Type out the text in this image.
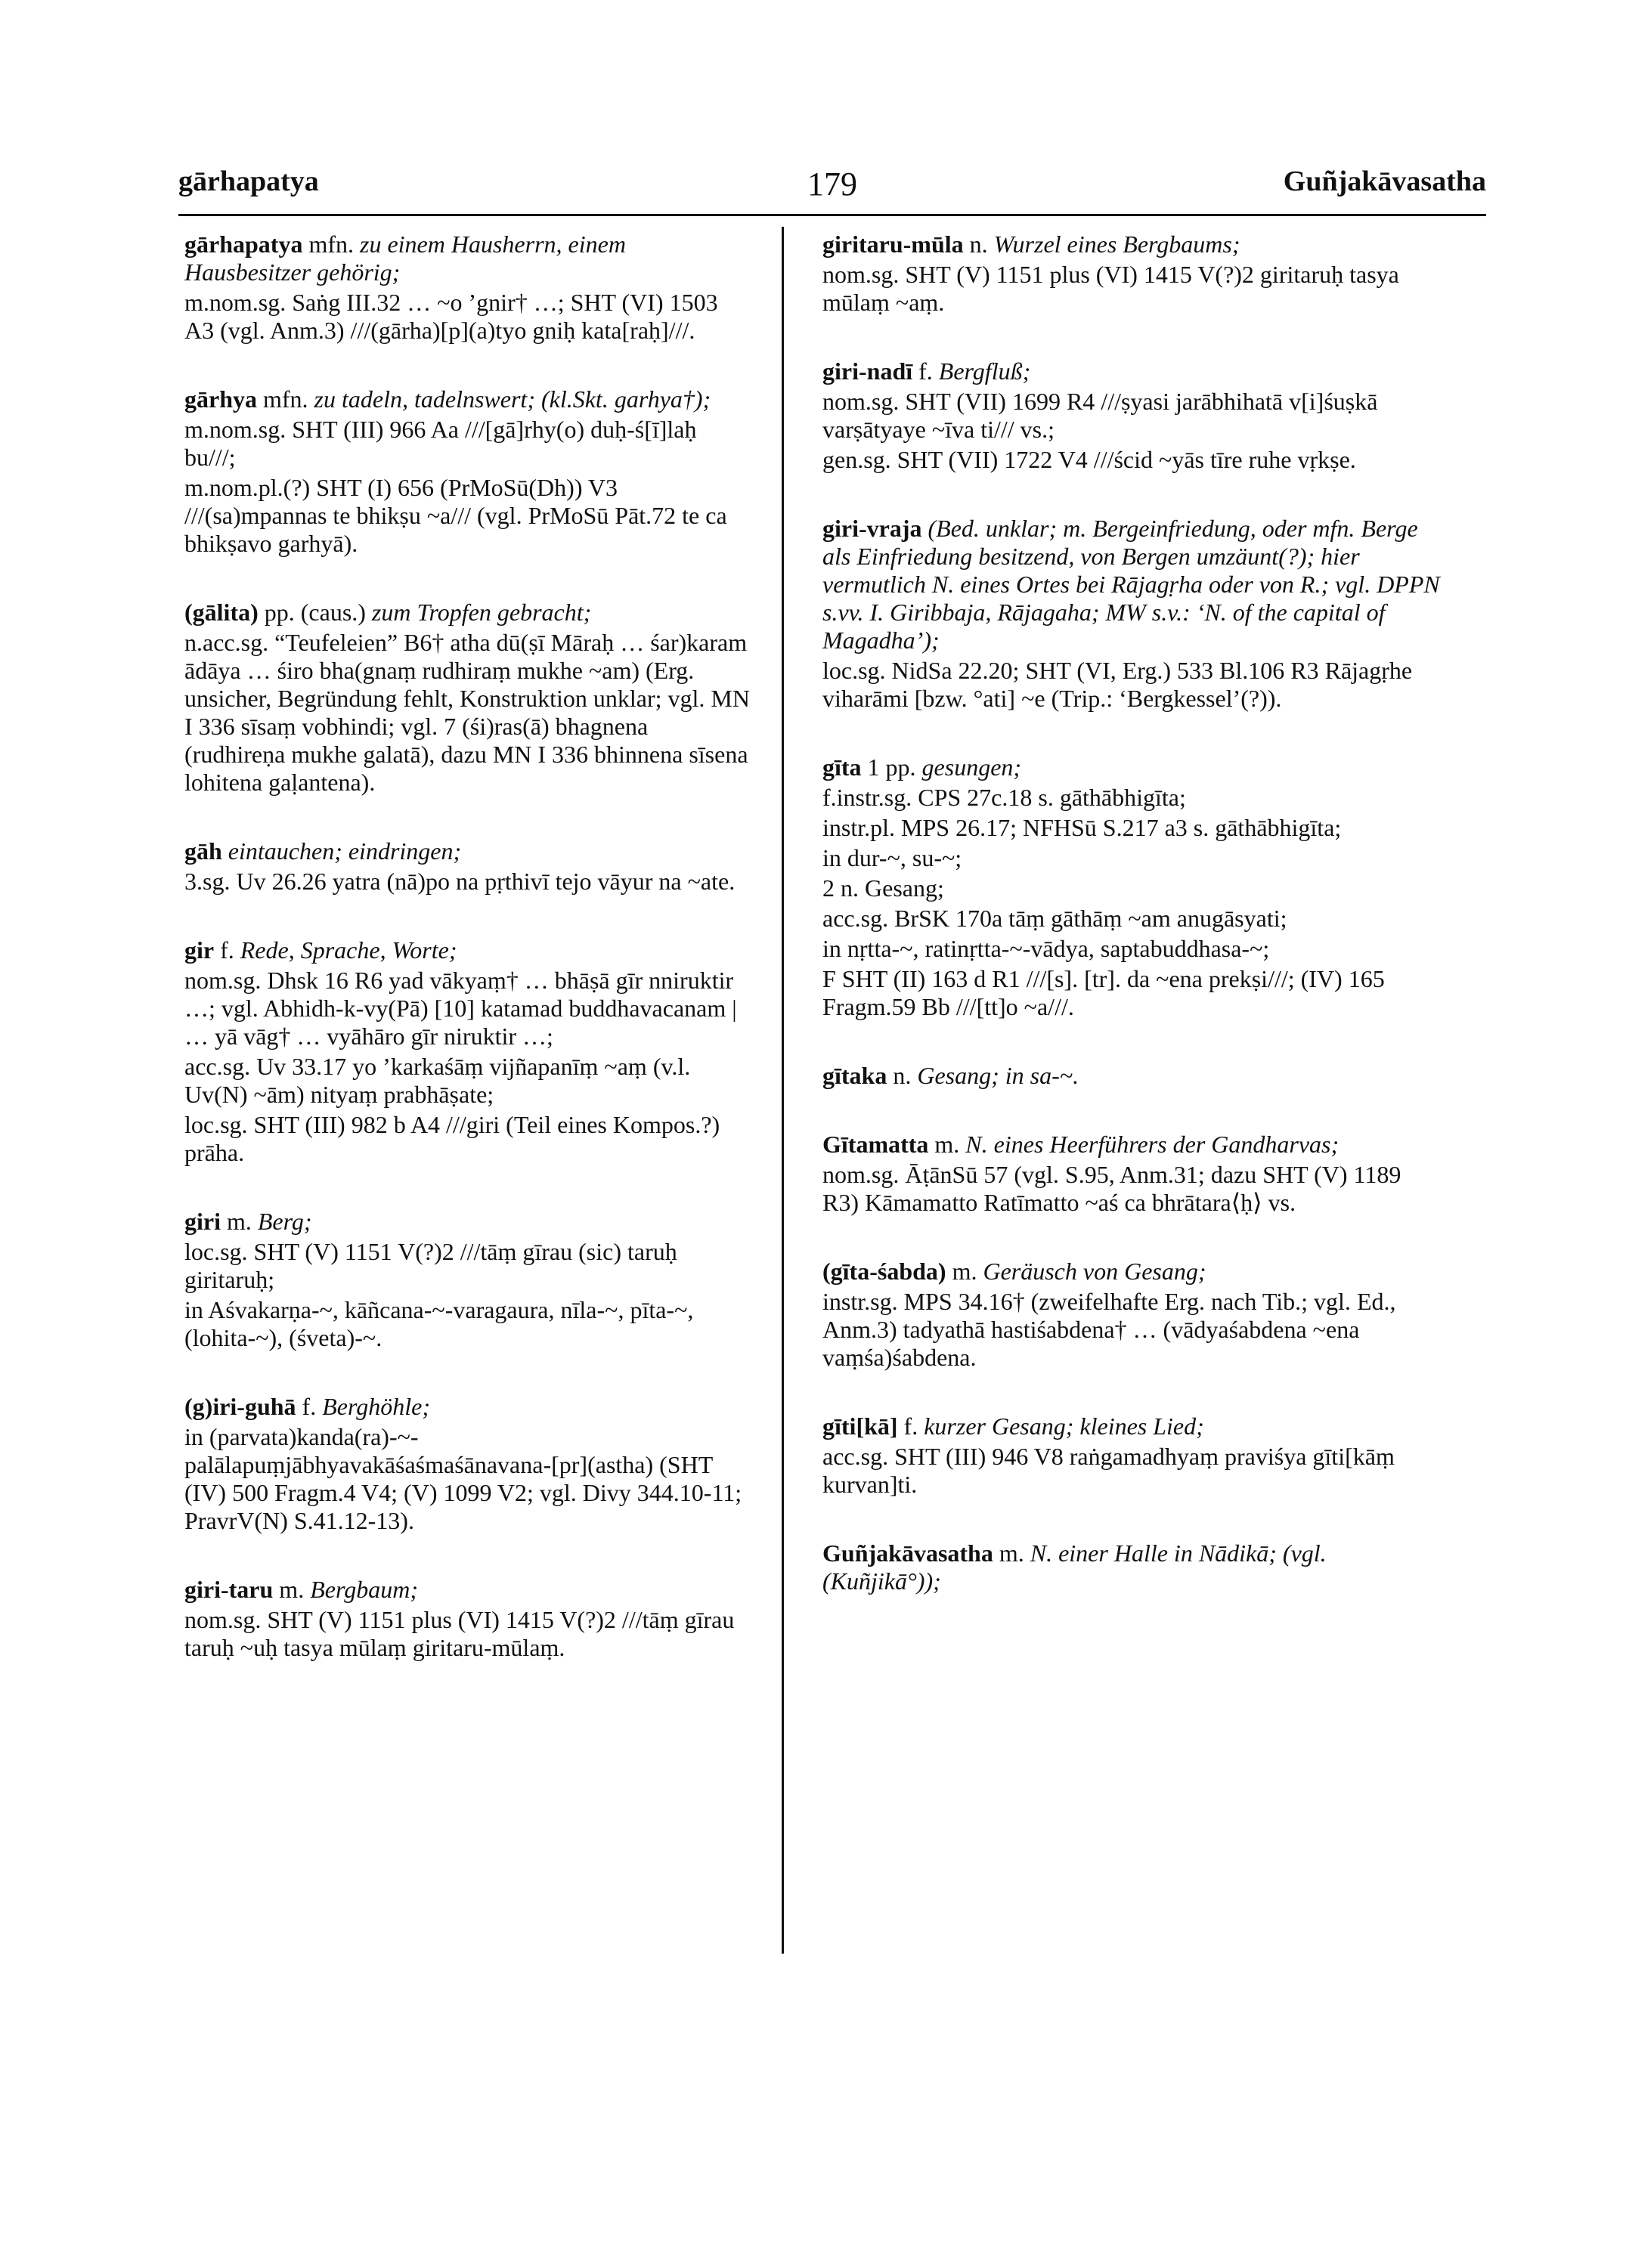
gārhapatya	179	Guñjakāvasatha

gārhapatya mfn. zu einem Hausherrn, einem Hausbesitzer gehörig;

m.nom.sg. Saṅg III.32 … ~o ’gnir† …; SHT (VI) 1503 A3 (vgl. Anm.3) ///(gārha)[p](a)tyo gniḥ kata[raḥ]///.

gārhya mfn. zu tadeln, tadelnswert; (kl.Skt. garhya†);

m.nom.sg. SHT (III) 966 Aa ///[gā]rhy(o) duḥ-ś[ī]laḥ bu///;

m.nom.pl.(?) SHT (I) 656 (PrMoSū(Dh)) V3 ///(sa)mpannas te bhikṣu ~a/// (vgl. PrMoSū Pāt.72 te ca bhikṣavo garhyā).

(gālita) pp. (caus.) zum Tropfen gebracht;

n.acc.sg. “Teufeleien” B6† atha dū(ṣī Māraḥ … śar)karam ādāya … śiro bha(gnaṃ rudhiraṃ mukhe ~am) (Erg. unsicher, Begründung fehlt, Konstruktion unklar; vgl. MN I 336 sīsaṃ vobhindi; vgl. 7 (śi)ras(ā) bhagnena (rudhireṇa mukhe galatā), dazu MN I 336 bhinnena sīsena lohitena gaḷantena).

gāh eintauchen; eindringen;

3.sg. Uv 26.26 yatra (nā)po na pṛthivī tejo vāyur na ~ate.

gir f. Rede, Sprache, Worte;

nom.sg. Dhsk 16 R6 yad vākyaṃ† … bhāṣā gīr nniruktir …; vgl. Abhidh-k-vy(Pā) [10] katamad buddhavacanam | … yā vāg† … vyāhāro gīr niruktir …;

acc.sg. Uv 33.17 yo ’karkaśāṃ vijñapanīṃ ~aṃ (v.l. Uv(N) ~ām) nityaṃ prabhāṣate;

loc.sg. SHT (III) 982 b A4 ///giri (Teil eines Kompos.?) prāha.

giri m. Berg;

loc.sg. SHT (V) 1151 V(?)2 ///tāṃ gīrau (sic) taruḥ giritaruḥ;

in Aśvakarṇa-~, kāñcana-~-varagaura, nīla-~, pīta-~, (lohita-~), (śveta)-~.

(g)iri-guhā f. Berghöhle;

in (parvata)kanda(ra)-~-palālapuṃjābhyavakāśaśmaśānavana-[pr](astha) (SHT (IV) 500 Fragm.4 V4; (V) 1099 V2; vgl. Divy 344.10-11; PravrV(N) S.41.12-13).

giri-taru m. Bergbaum;

nom.sg. SHT (V) 1151 plus (VI) 1415 V(?)2 ///tāṃ gīrau taruḥ ~uḥ tasya mūlaṃ giritaru-mūlaṃ.

giritaru-mūla n. Wurzel eines Bergbaums;

nom.sg. SHT (V) 1151 plus (VI) 1415 V(?)2 giritaruḥ tasya mūlaṃ ~aṃ.

giri-nadī f. Bergfluß;

nom.sg. SHT (VII) 1699 R4 ///ṣyasi jarābhihatā v[i]śuṣkā varṣātyaye ~īva ti/// vs.;

gen.sg. SHT (VII) 1722 V4 ///ścid ~yās tīre ruhe vṛkṣe.

giri-vraja (Bed. unklar; m. Bergeinfriedung, oder mfn. Berge als Einfriedung besitzend, von Bergen umzäunt(?); hier vermutlich N. eines Ortes bei Rājagṛha oder von R.; vgl. DPPN s.vv. I. Giribbaja, Rājagaha; MW s.v.: ‘N. of the capital of Magadha’);

loc.sg. NidSa 22.20; SHT (VI, Erg.) 533 Bl.106 R3 Rājagṛhe viharāmi [bzw. °ati] ~e (Trip.: ‘Bergkessel’(?)).

gīta 1 pp. gesungen;

f.instr.sg. CPS 27c.18 s. gāthābhigīta;

instr.pl. MPS 26.17; NFHSū S.217 a3 s. gāthābhigīta;

in dur-~, su-~;

2 n. Gesang;

acc.sg. BrSK 170a tāṃ gāthāṃ ~am anugāsyati;

in nṛtta-~, ratinṛtta-~-vādya, saptabuddhasa-~;

F SHT (II) 163 d R1 ///[s]. [tr]. da ~ena prekṣi///; (IV) 165 Fragm.59 Bb ///[tt]o ~a///.

gītaka n. Gesang; in sa-~.

Gītamatta m. N. eines Heerführers der Gandharvas;

nom.sg. ĀṭānSū 57 (vgl. S.95, Anm.31; dazu SHT (V) 1189 R3) Kāmamatto Ratīmatto ~aś ca bhrātara⟨ḥ⟩ vs.

(gīta-śabda) m. Geräusch von Gesang;

instr.sg. MPS 34.16† (zweifelhafte Erg. nach Tib.; vgl. Ed., Anm.3) tadyathā hastiśabdena† … (vādyaśabdena ~ena vaṃśa)śabdena.

gīti[kā] f. kurzer Gesang; kleines Lied;

acc.sg. SHT (III) 946 V8 raṅgamadhyaṃ praviśya gīti[kāṃ kurvan]ti.

Guñjakāvasatha m. N. einer Halle in Nādikā; (vgl. (Kuñjikā°));
